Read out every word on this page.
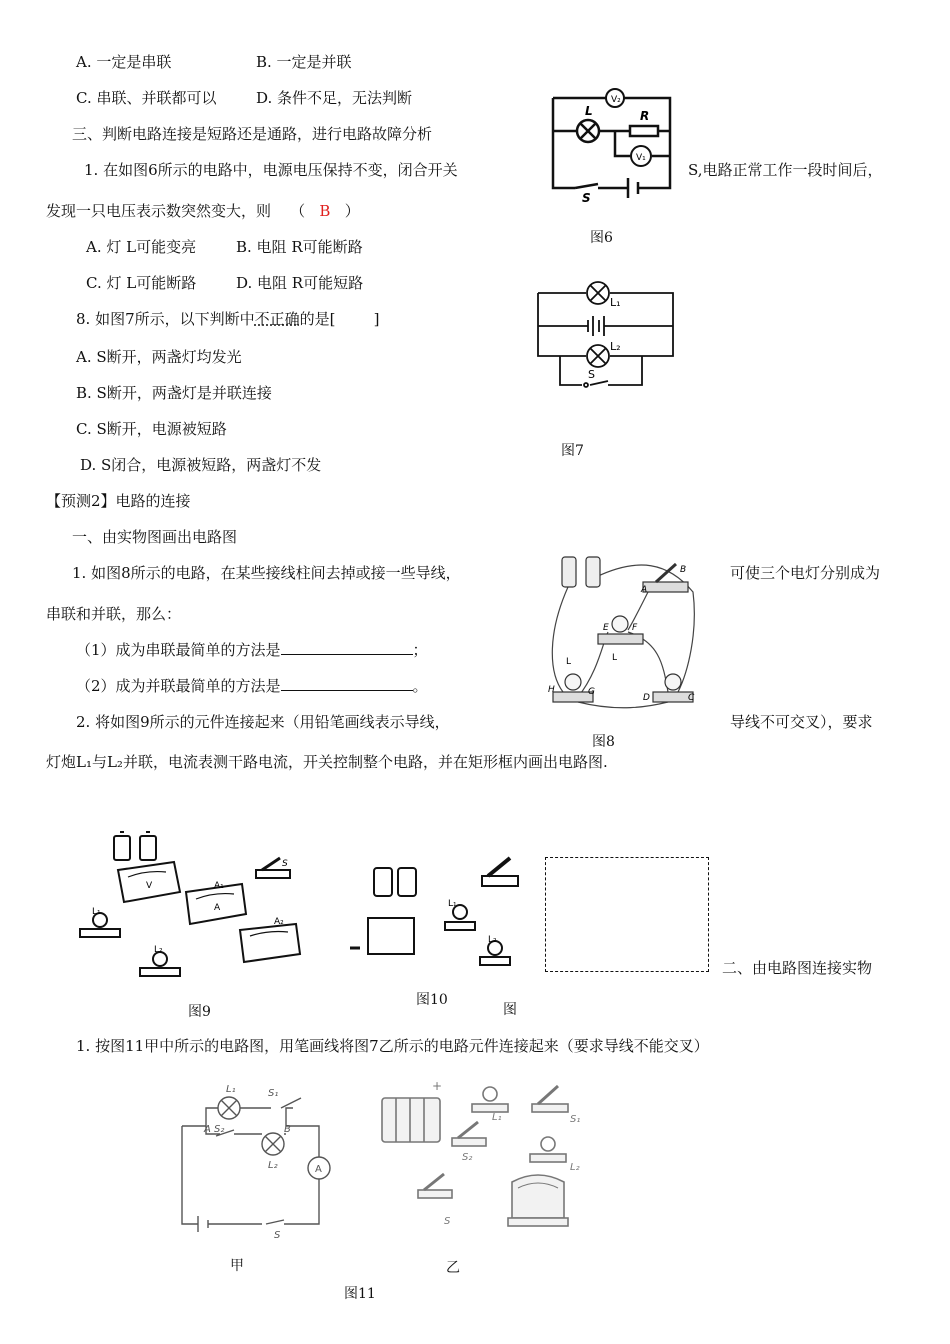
A. 一定是串联	B. 一定是并联
C. 串联、并联都可以	D. 条件不足，无法判断
三、判断电路连接是短路还是通路，进行电路故障分析
1. 在如图6所示的电路中，电源电压保持不变，闭合开关	S,电路正常工作一段时间后，
发现一只电压表示数突然变大，则 （ B ）
A. 灯 L可能变亮	B. 电阻 R可能断路
C. 灯 L可能断路	D. 电阻 R可能短路
8. 如图7所示，以下判断中不正确的是[	]
A. S断开，两盏灯均发光
B. S断开，两盏灯是并联连接
C. S断开，电源被短路
D. S闭合，电源被短路，两盏灯不发
【预测2】电路的连接
一、由实物图画出电路图
1. 如图8所示的电路，在某些接线柱间去掉或接一些导线，	可使三个电灯分别成为
串联和并联，那么：
（1）成为串联最简单的方法是	；
（2）成为并联最简单的方法是	。
2. 将如图9所示的元件连接起来（用铅笔画线表示导线，	导线不可交叉），要求
灯炮L₁与L₂并联，电流表测干路电流，开关控制整个电路，并在矩形框内画出电路图.
二、由电路图连接实物
1. 按图11甲中所示的电路图，用笔画线将图7乙所示的电路元件连接起来（要求导线不能交叉）
图6
图7
图8
图9
图10
图
甲	乙
图11
V₂
V₁
L	R
S
L₁
L₂
S
A
B
E	F
L
L
H	G
D	C
S
V	A₁
A
A₂
L₁
L₂
L₁
L₂
L₁	S₁
A S₂	B
L₂	A
S
+
L₁	S₁
S₂
L₂
S
